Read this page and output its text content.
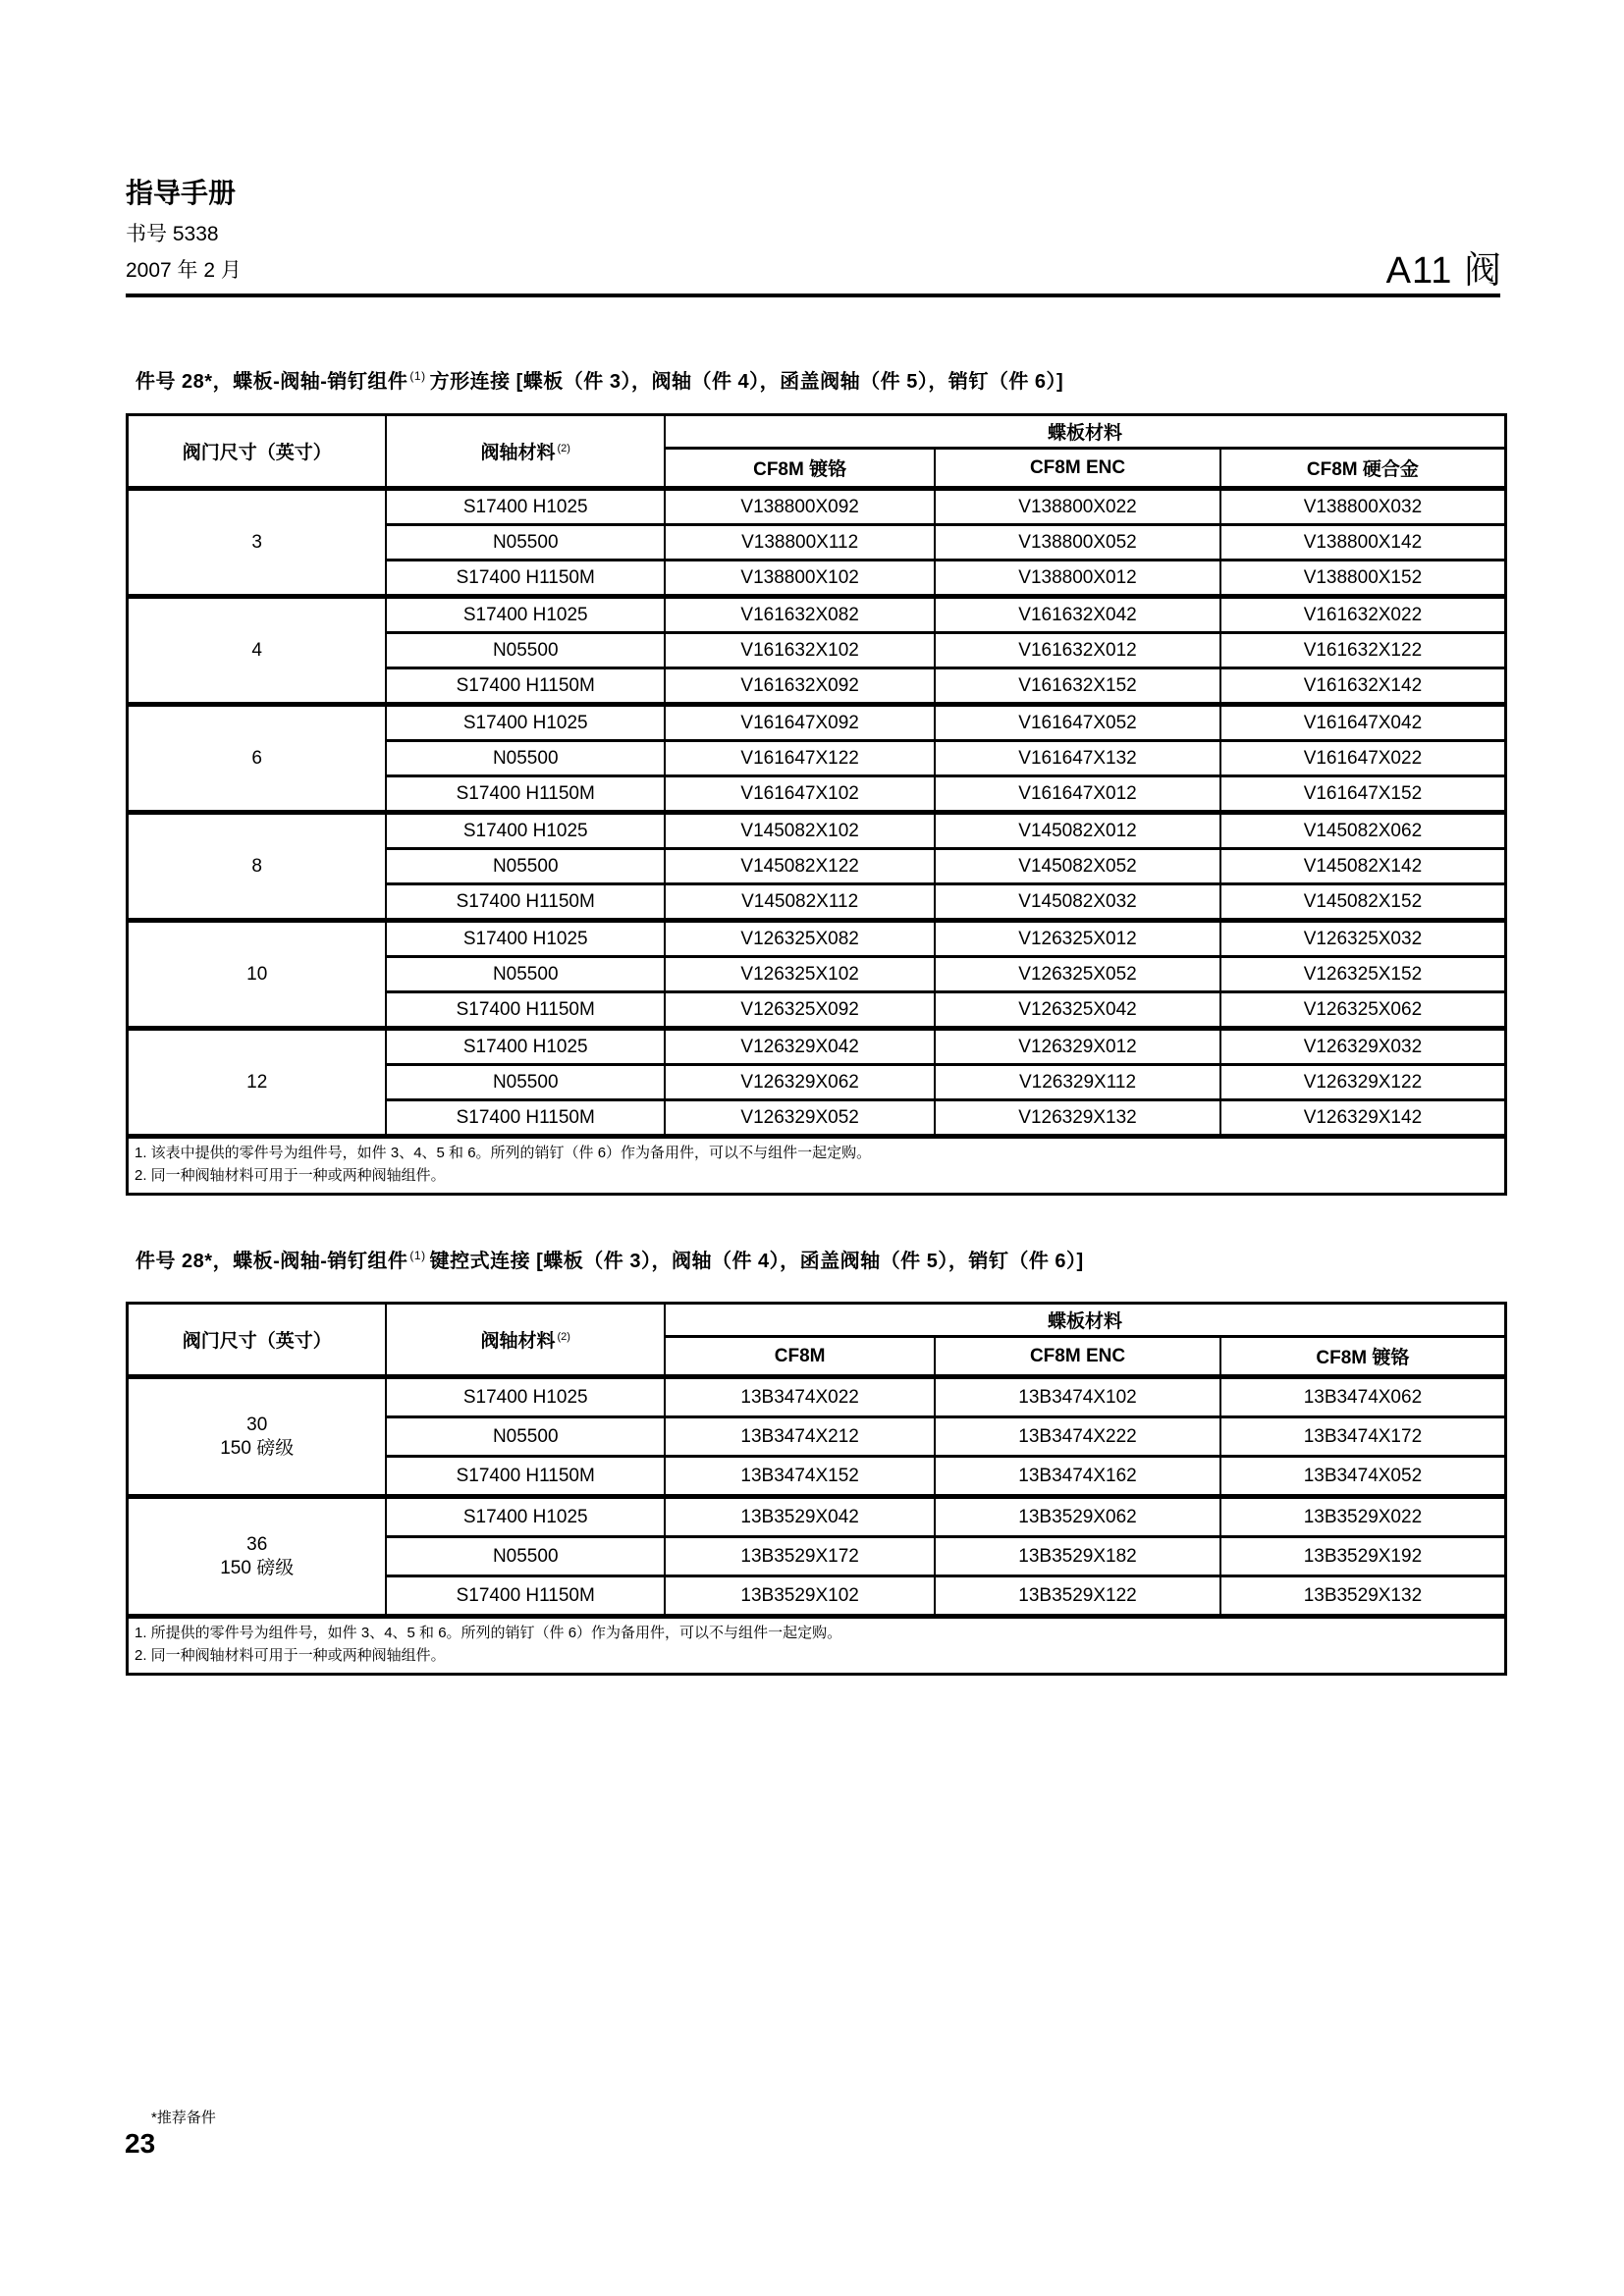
指导手册
书号 5338
2007 年 2 月	A11 阀
件号 28*，蝶板-阀轴-销钉组件 $^{(1)}$ 方形连接 [蝶板（件 3），阀轴（件 4），函盖阀轴（件 5），销钉（件 6）]
阀门尺寸（英寸）	阀轴材料 $^{(2)}$	蝶板材料		
		CF8M 镀铬	CF8M ENC	CF8M 硬合金

3	S17400 H1025	V138800X092	V138800X022	V138800X032
	N05500	V138800X112	V138800X052	V138800X142
	S17400 H1150M	V138800X102	V138800X012	V138800X152

4	S17400 H1025	V161632X082	V161632X042	V161632X022
	N05500	V161632X102	V161632X012	V161632X122
	S17400 H1150M	V161632X092	V161632X152	V161632X142

6	S17400 H1025	V161647X092	V161647X052	V161647X042
	N05500	V161647X122	V161647X132	V161647X022
	S17400 H1150M	V161647X102	V161647X012	V161647X152

8	S17400 H1025	V145082X102	V145082X012	V145082X062
	N05500	V145082X122	V145082X052	V145082X142
	S17400 H1150M	V145082X112	V145082X032	V145082X152

10	S17400 H1025	V126325X082	V126325X012	V126325X032
	N05500	V126325X102	V126325X052	V126325X152
	S17400 H1150M	V126325X092	V126325X042	V126325X062

12	S17400 H1025	V126329X042	V126329X012	V126329X032
	N05500	V126329X062	V126329X112	V126329X122
	S17400 H1150M	V126329X052	V126329X132	V126329X142

1. 该表中提供的零件号为组件号，如件 3、4、5 和 6。所列的销钉（件 6）作为备用件，可以不与组件一起定购。
2. 同一种阀轴材料可用于一种或两种阀轴组件。				
件号 28*，蝶板-阀轴-销钉组件 $^{(1)}$ 键控式连接 [蝶板（件 3），阀轴（件 4），函盖阀轴（件 5），销钉（件 6）]
阀门尺寸（英寸）	阀轴材料 $^{(2)}$	蝶板材料		
		CF8M	CF8M ENC	CF8M 镀铬

30
150 磅级	S17400 H1025	13B3474X022	13B3474X102	13B3474X062
	N05500	13B3474X212	13B3474X222	13B3474X172
	S17400 H1150M	13B3474X152	13B3474X162	13B3474X052

36
150 磅级	S17400 H1025	13B3529X042	13B3529X062	13B3529X022
	N05500	13B3529X172	13B3529X182	13B3529X192
	S17400 H1150M	13B3529X102	13B3529X122	13B3529X132

1. 所提供的零件号为组件号，如件 3、4、5 和 6。所列的销钉（件 6）作为备用件，可以不与组件一起定购。
2. 同一种阀轴材料可用于一种或两种阀轴组件。				
*推荐备件
23
